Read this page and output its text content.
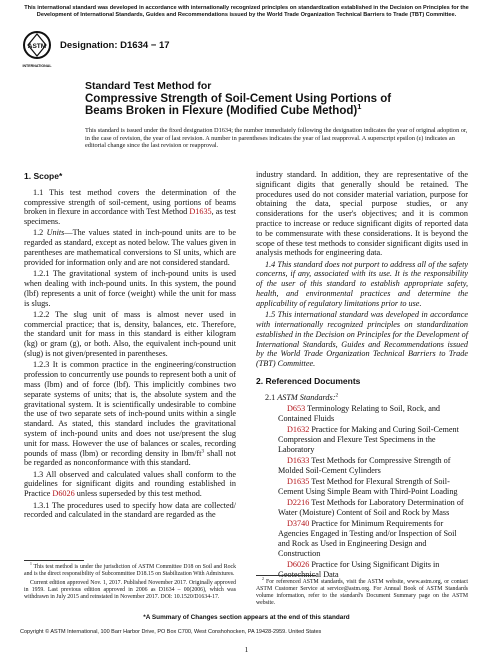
This international standard was developed in accordance with internationally recognized principles on standardization established in the Decision on Principles for the Development of International Standards, Guides and Recommendations issued by the World Trade Organization Technical Barriers to Trade (TBT) Committee.
ASTM
INTERNATIONAL
Designation: D1634 − 17
Standard Test Method for
Compressive Strength of Soil-Cement Using Portions of Beams Broken in Flexure (Modified Cube Method)$^1$
This standard is issued under the fixed designation D1634; the number immediately following the designation indicates the year of original adoption or, in the case of revision, the year of last revision. A number in parentheses indicates the year of last reapproval. A superscript epsilon (ε) indicates an editorial change since the last revision or reapproval.
1. Scope*

1.1 This test method covers the determination of the compressive strength of soil-cement, using portions of beams broken in flexure in accordance with Test Method D1635, as test specimens.

1.2 Units—The values stated in inch-pound units are to be regarded as standard, except as noted below. The values given in parentheses are mathematical conversions to SI units, which are provided for information only and are not considered standard.

1.2.1 The gravitational system of inch-pound units is used when dealing with inch-pound units. In this system, the pound (lbf) represents a unit of force (weight) while the unit for mass is slugs.

1.2.2 The slug unit of mass is almost never used in commercial practice; that is, density, balances, etc. Therefore, the standard unit for mass in this standard is either kilogram (kg) or gram (g), or both. Also, the equivalent inch-pound unit (slug) is not given/presented in parentheses.

1.2.3 It is common practice in the engineering/construction profession to concurrently use pounds to represent both a unit of mass (lbm) and of force (lbf). This implicitly combines two separate systems of units; that is, the absolute system and the gravitational system. It is scientifically undesirable to combine the use of two separate sets of inch-pound units within a single standard. As stated, this standard includes the gravitational system of inch-pound units and does not use/present the slug unit for mass. However the use of balances or scales, recording pounds of mass (lbm) or recording density in lbm/$ft^3$ shall not be regarded as nonconformance with this standard.

1.3 All observed and calculated values shall conform to the guidelines for significant digits and rounding established in Practice D6026 unless superseded by this test method.

1.3.1 The procedures used to specify how data are collected/ recorded and calculated in the standard are regarded as the

$^1$ This test method is under the jurisdiction of ASTM Committee D18 on Soil and Rock and is the direct responsibility of Subcommittee D18.15 on Stabilization With Admixtures.

Current edition approved Nov. 1, 2017. Published November 2017. Originally approved in 1959. Last previous edition approved in 2006 as D1634 – 00(2006), which was withdrawn in July 2015 and reinstated in November 2017. DOI: 10.1520/D1634-17.

industry standard. In addition, they are representative of the significant digits that generally should be retained. The procedures used do not consider material variation, purpose for obtaining the data, special purpose studies, or any considerations for the user's objectives; and it is common practice to increase or reduce significant digits of reported data to be commensurate with these considerations. It is beyond the scope of these test methods to consider significant digits used in analysis methods for engineering data.

1.4 This standard does not purport to address all of the safety concerns, if any, associated with its use. It is the responsibility of the user of this standard to establish appropriate safety, health, and environmental practices and determine the applicability of regulatory limitations prior to use.

1.5 This international standard was developed in accordance with internationally recognized principles on standardization established in the Decision on Principles for the Development of International Standards, Guides and Recommendations issued by the World Trade Organization Technical Barriers to Trade (TBT) Committee.

2. Referenced Documents

2.1 ASTM Standards:$^2$

D653 Terminology Relating to Soil, Rock, and Contained Fluids

D1632 Practice for Making and Curing Soil-Cement Compression and Flexure Test Specimens in the Laboratory

D1633 Test Methods for Compressive Strength of Molded Soil-Cement Cylinders

D1635 Test Method for Flexural Strength of Soil-Cement Using Simple Beam with Third-Point Loading

D2216 Test Methods for Laboratory Determination of Water (Moisture) Content of Soil and Rock by Mass

D3740 Practice for Minimum Requirements for Agencies Engaged in Testing and/or Inspection of Soil and Rock as Used in Engineering Design and Construction

D6026 Practice for Using Significant Digits in Geotechnical Data

$^2$ For referenced ASTM standards, visit the ASTM website, www.astm.org, or contact ASTM Customer Service at service@astm.org. For Annual Book of ASTM Standards volume information, refer to the standard's Document Summary page on the ASTM website.

*A Summary of Changes section appears at the end of this standard
Copyright © ASTM International, 100 Barr Harbor Drive, PO Box C700, West Conshohocken, PA 19428-2959. United States
1
